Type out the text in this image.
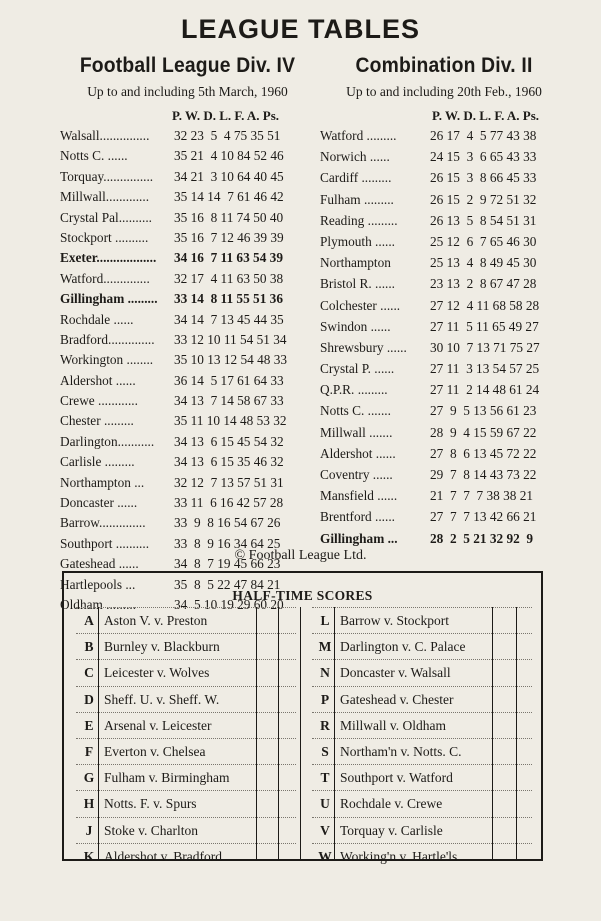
LEAGUE TABLES
Football League Div. IV
Up to and including 5th March, 1960
Combination Div. II
Up to and including 20th Feb., 1960
P. W. D. L. F. A. Ps.	P. W. D. L. F. A. Ps.
Walsall............... 32 23  5  4 75 35 51
Notts C. ......	35 21  4 10 84 52 46
Torquay............... 34 21  3 10 64 40 45
Millwall............. 35 14 14  7 61 46 42
Crystal Pal.......... 35 16  8 11 74 50 40
Stockport .......... 35 16  7 12 46 39 39
Exeter.................. 34 16  7 11 63 54 39
Watford.............. 32 17  4 11 63 50 38
Gillingham ......... 33 14  8 11 55 51 36
Rochdale ......	34 14  7 13 45 44 35
Bradford.............. 33 12 10 11 54 51 34
Workington ........ 35 10 13 12 54 48 33
Aldershot ......	36 14  5 17 61 64 33
Crewe ............	34 13  7 14 58 67 33
Chester .........	35 11 10 14 48 53 32
Darlington........... 34 13  6 15 45 54 32
Carlisle .........	34 13  6 15 35 46 32
Northampton ... 32 12  7 13 57 51 31
Doncaster ......	33 11  6 16 42 57 28
Barrow.............. 33  9  8 16 54 67 26
Southport .......... 33  8  9 16 34 64 25
Gateshead ......	34  8  7 19 45 66 23
Hartlepools ...	35  8  5 22 47 84 21
Oldham .........	34  5 10 19 29 60 20
Watford .........	26 17  4  5 77 43 38
Norwich ......	24 15  3  6 65 43 33
Cardiff .........	26 15  3  8 66 45 33
Fulham .........	26 15  2  9 72 51 32
Reading ......... 26 13  5  8 54 51 31
Plymouth ......	25 12  6  7 65 46 30
Northampton	25 13  4  8 49 45 30
Bristol R. ......	23 13  2  8 67 47 28
Colchester ...... 27 12  4 11 68 58 28
Swindon ......	27 11  5 11 65 49 27
Shrewsbury ...... 30 10  7 13 71 75 27
Crystal P. ......	27 11  3 13 54 57 25
Q.P.R. .........	27 11  2 14 48 61 24
Notts C. .......	27  9  5 13 56 61 23
Millwall .......	28  9  4 15 59 67 22
Aldershot ......	27  8  6 13 45 72 22
Coventry ......	29  7  8 14 43 73 22
Mansfield ...... 21  7  7  7 38 38 21
Brentford ......	27  7  7 13 42 66 21
Gillingham ... 28  2  5 21 32 92  9
© Football League Ltd.
HALF-TIME SCORES
A Aston V. v. Preston
B Burnley v. Blackburn
C Leicester v. Wolves
D Sheff. U. v. Sheff. W.
E Arsenal v. Leicester
F Everton v. Chelsea
G Fulham v. Birmingham
H Notts. F. v. Spurs
J Stoke v. Charlton
K Aldershot v. Bradford
L Barrow v. Stockport
M Darlington v. C. Palace
N Doncaster v. Walsall
P Gateshead v. Chester
R Millwall v. Oldham
S Northam'n v. Notts. C.
T Southport v. Watford
U Rochdale v. Crewe
V Torquay v. Carlisle
W Working'n v. Hartle'ls
